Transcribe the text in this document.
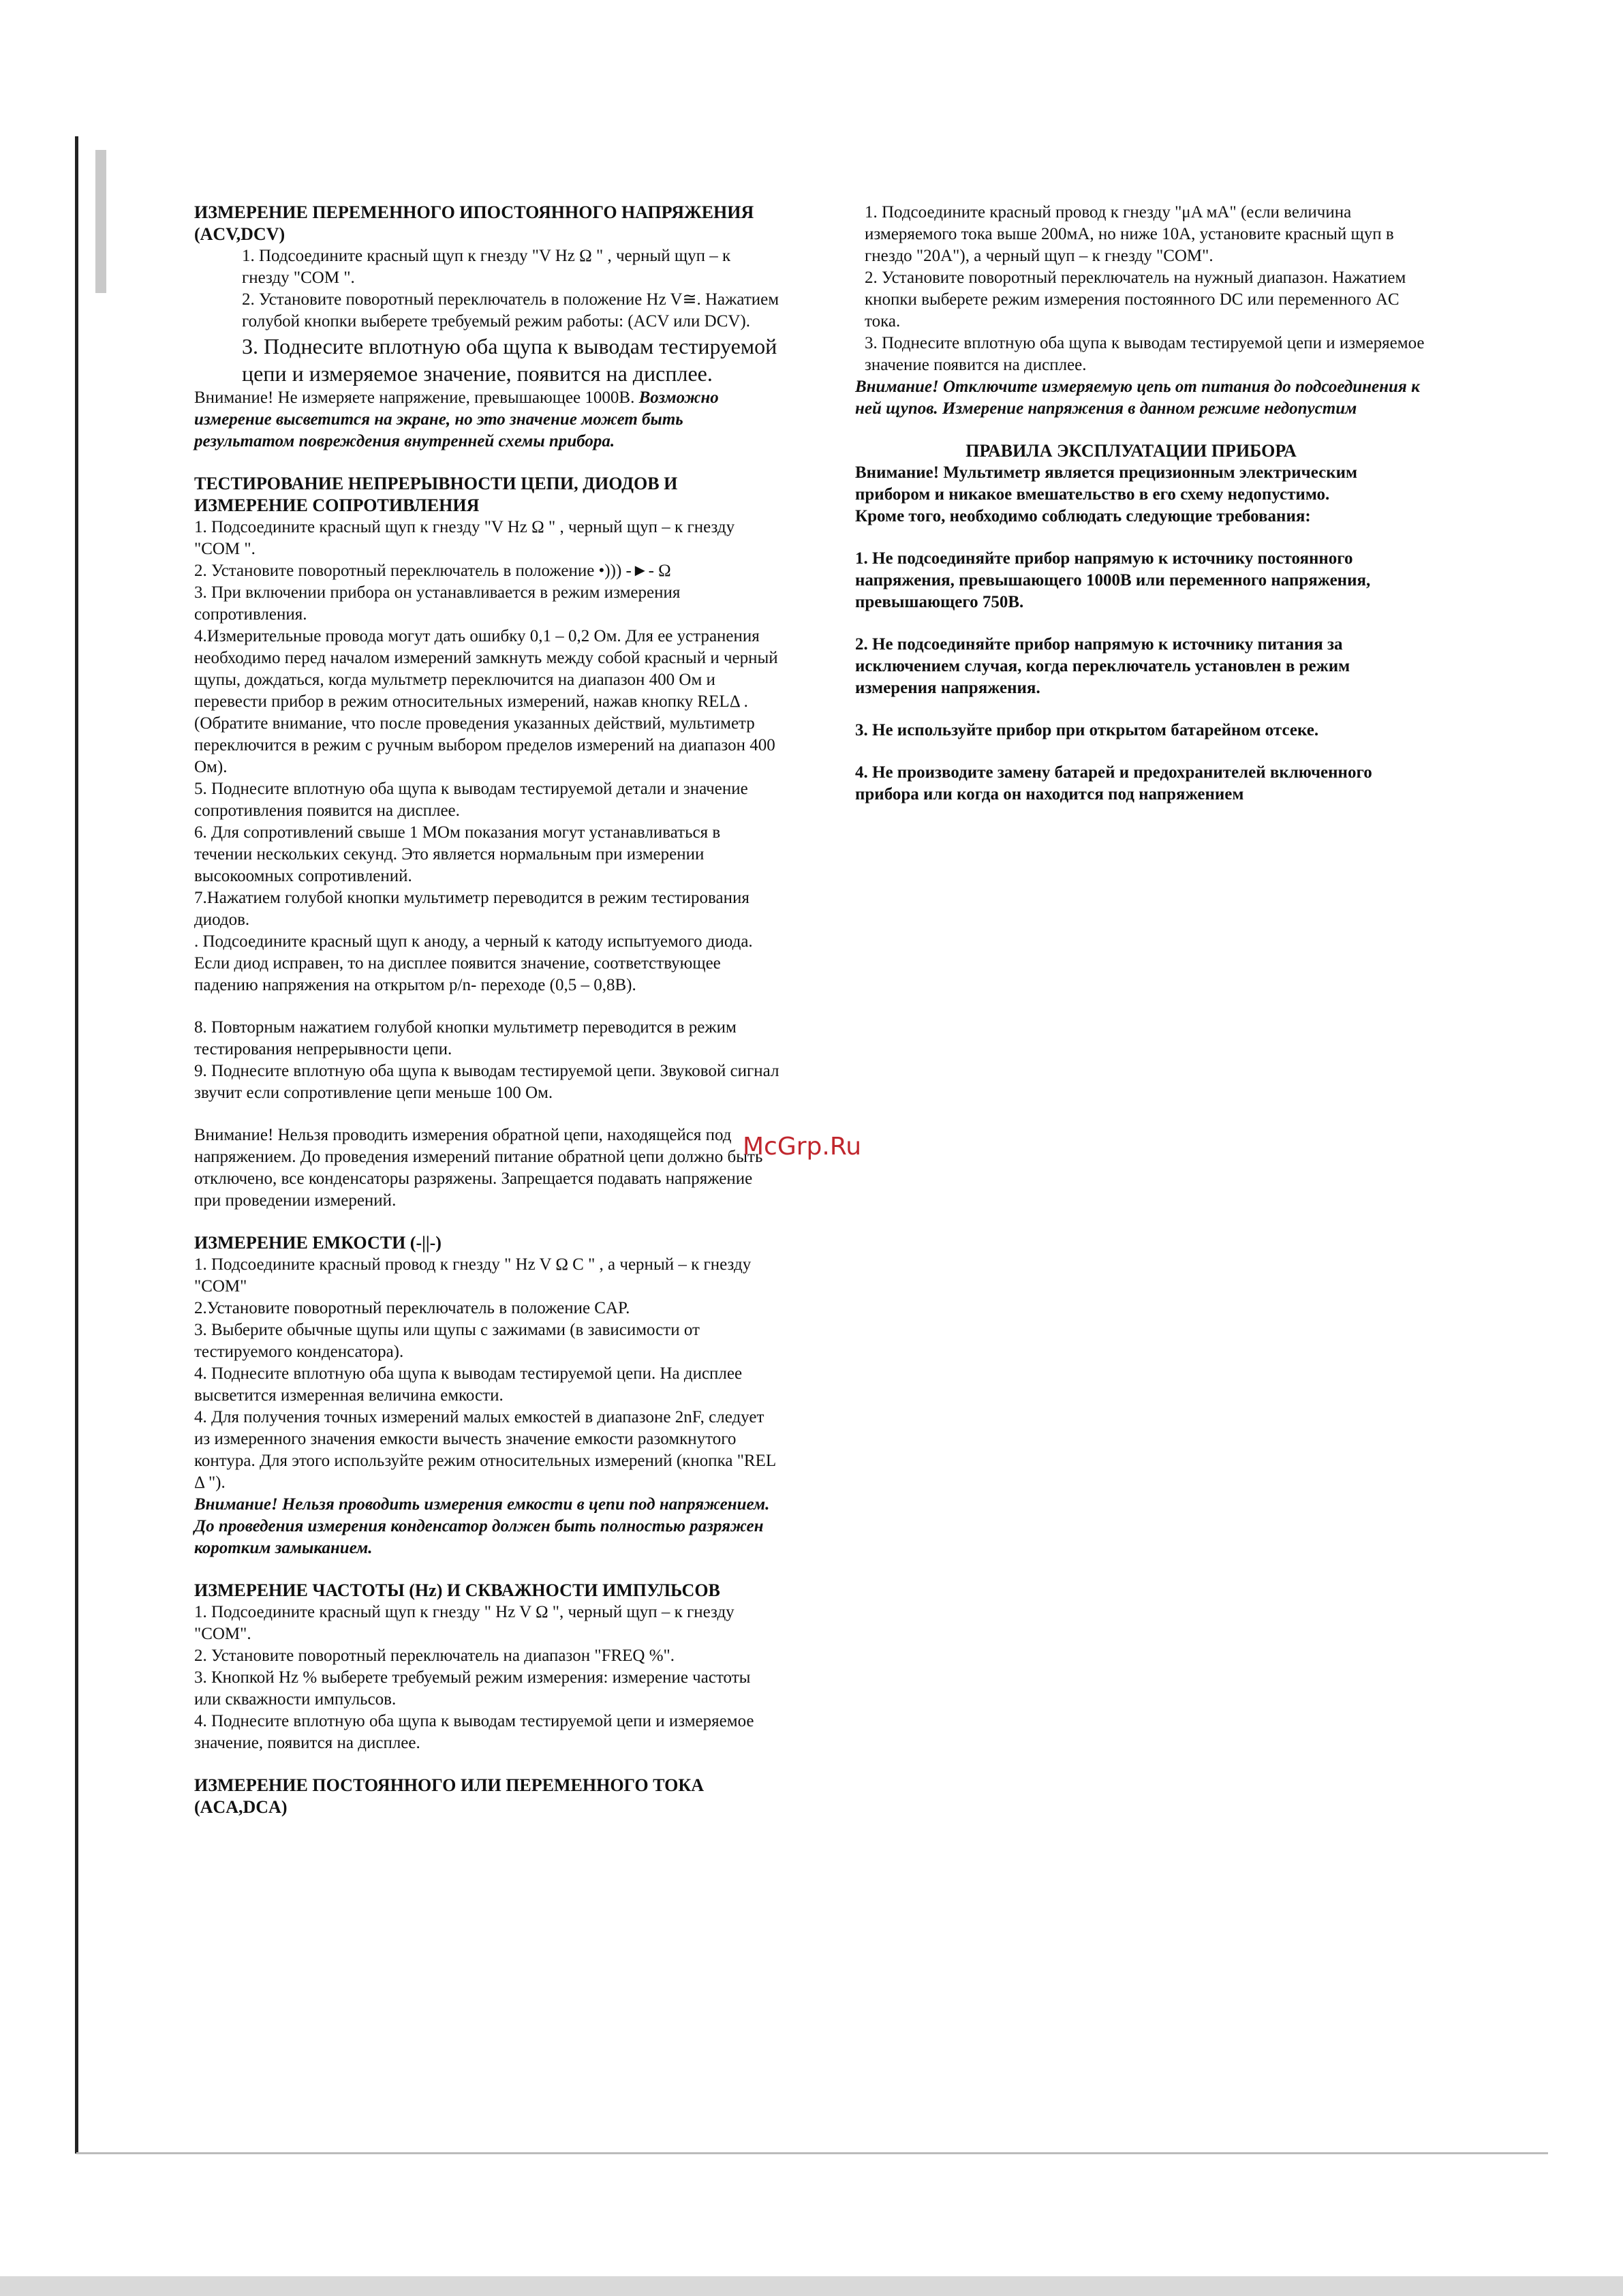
ИЗМЕРЕНИЕ ПЕРЕМЕННОГО ИПОСТОЯННОГО НАПРЯЖЕНИЯ (ACV,DCV)

1. Подсоедините красный щуп к гнезду "V Hz Ω " , черный щуп – к гнезду "COM ".

2. Установите поворотный переключатель в положение Hz V≅. Нажатием голубой кнопки выберете требуемый режим работы: (ACV или DCV).

3. Поднесите вплотную оба щупа к выводам тестируемой цепи и измеряемое значение, появится на дисплее.

Внимание! Не измеряете напряжение, превышающее 1000В. Возможно измерение высветится на экране, но это значение может быть результатом повреждения внутренней схемы прибора.

ТЕСТИРОВАНИЕ НЕПРЕРЫВНОСТИ ЦЕПИ, ДИОДОВ И ИЗМЕРЕНИЕ СОПРОТИВЛЕНИЯ

1. Подсоедините красный щуп к гнезду "V Hz Ω " , черный щуп – к гнезду "COM ".

2. Установите поворотный переключатель в положение •))) -►- Ω

3. При включении прибора он устанавливается в режим измерения сопротивления.

4.Измерительные провода могут дать ошибку 0,1 – 0,2 Ом. Для ее устранения необходимо перед началом измерений замкнуть между собой красный и черный щупы, дождаться, когда мультметр переключится на диапазон 400 Ом и перевести прибор в режим относительных измерений, нажав кнопку RELΔ . (Обратите внимание, что после проведения указанных действий, мультиметр переключится в режим с ручным выбором пределов измерений на диапазон 400 Ом).

5. Поднесите вплотную оба щупа к выводам тестируемой детали и значение сопротивления появится на дисплее.

6. Для сопротивлений свыше 1 МОм показания могут устанавливаться в течении нескольких секунд. Это является нормальным при измерении высокоомных сопротивлений.

7.Нажатием голубой кнопки мультиметр переводится в режим тестирования диодов.

. Подсоедините красный щуп к аноду, а черный к катоду испытуемого диода. Если диод исправен, то на дисплее появится значение, соответствующее падению напряжения на открытом p/n- переходе (0,5 – 0,8В).

8. Повторным нажатием голубой кнопки мультиметр переводится в режим тестирования непрерывности цепи.

9. Поднесите вплотную оба щупа к выводам тестируемой цепи. Звуковой сигнал звучит если сопротивление цепи меньше 100 Ом.

Внимание! Нельзя проводить измерения обратной цепи, находящейся под напряжением. До проведения измерений питание обратной цепи должно быть отключено, все конденсаторы разряжены. Запрещается подавать напряжение при проведении измерений.

ИЗМЕРЕНИЕ ЕМКОСТИ (-||-)

1. Подсоедините красный провод к гнезду " Hz V Ω C " , а черный – к гнезду "COM"

2.Установите поворотный переключатель в положение CAP.

3. Выберите обычные щупы или щупы с зажимами (в зависимости от тестируемого конденсатора).

4. Поднесите вплотную оба щупа к выводам тестируемой цепи. На дисплее высветится измеренная величина емкости.

4. Для получения точных измерений малых емкостей в диапазоне 2nF, следует из измеренного значения емкости вычесть значение емкости разомкнутого контура. Для этого используйте режим относительных измерений (кнопка "REL Δ ").

Внимание! Нельзя проводить измерения емкости в цепи под напряжением. До проведения измерения конденсатор должен быть полностью разряжен коротким замыканием.

ИЗМЕРЕНИЕ ЧАСТОТЫ (Hz) И СКВАЖНОСТИ ИМПУЛЬСОВ

1. Подсоедините красный щуп к гнезду " Hz V Ω ", черный щуп – к гнезду "COM".

2. Установите поворотный переключатель на диапазон "FREQ %".

3. Кнопкой Hz % выберете требуемый режим измерения: измерение частоты или скважности импульсов.

4. Поднесите вплотную оба щупа к выводам тестируемой цепи и измеряемое значение, появится на дисплее.

ИЗМЕРЕНИЕ ПОСТОЯННОГО ИЛИ ПЕРЕМЕННОГО ТОКА (ACA,DCA)

1. Подсоедините красный провод к гнезду "μA мA" (если величина измеряемого тока выше 200мА, но ниже 10А, установите красный щуп в гнездо "20A"), а черный щуп – к гнезду "COM".

2. Установите поворотный переключатель на нужный диапазон. Нажатием кнопки выберете режим измерения постоянного DC или переменного AC тока.

3. Поднесите вплотную оба щупа к выводам тестируемой цепи и измеряемое значение появится на дисплее.

Внимание! Отключите измеряемую цепь от питания до подсоединения к ней щупов. Измерение напряжения в данном режиме недопустим

ПРАВИЛА ЭКСПЛУАТАЦИИ ПРИБОРА

Внимание! Мультиметр является прецизионным электрическим прибором и никакое вмешательство в его схему недопустимо.

Кроме того, необходимо соблюдать следующие требования:

1. Не подсоединяйте прибор напрямую к источнику постоянного напряжения, превышающего 1000В или переменного напряжения, превышающего 750В.

2. Не подсоединяйте прибор напрямую к источнику питания за исключением случая, когда переключатель установлен в режим измерения напряжения.

3. Не используйте прибор при открытом батарейном отсеке.

4. Не производите замену батарей и предохранителей включенного прибора или когда он находится под напряжением

McGrp.Ru
